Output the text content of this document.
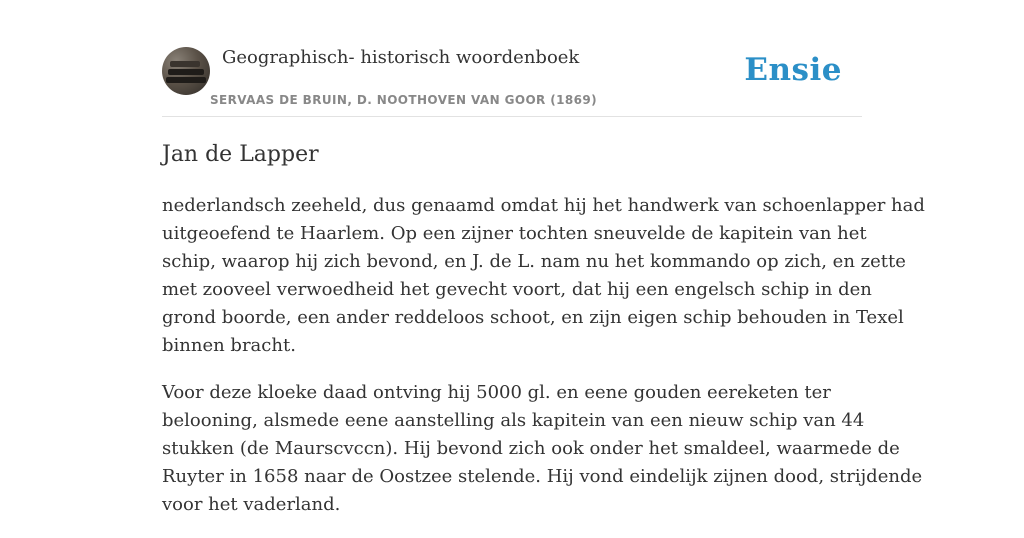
Geographisch- historisch woordenboek
SERVAAS DE BRUIN, D. NOOTHOVEN VAN GOOR (1869)
Ensie
Jan de Lapper

nederlandsch zeeheld, dus genaamd omdat hij het handwerk van schoenlapper had
uitgeoefend te Haarlem. Op een zijner tochten sneuvelde de kapitein van het
schip, waarop hij zich bevond, en J. de L. nam nu het kommando op zich, en zette
met zooveel verwoedheid het gevecht voort, dat hij een engelsch schip in den
grond boorde, een ander reddeloos schoot, en zijn eigen schip behouden in Texel
binnen bracht.

Voor deze kloeke daad ontving hij 5000 gl. en eene gouden eereketen ter
belooning, alsmede eene aanstelling als kapitein van een nieuw schip van 44
stukken (de Maurscvccn). Hij bevond zich ook onder het smaldeel, waarmede de
Ruyter in 1658 naar de Oostzee stelende. Hij vond eindelijk zijnen dood, strijdende
voor het vaderland.
